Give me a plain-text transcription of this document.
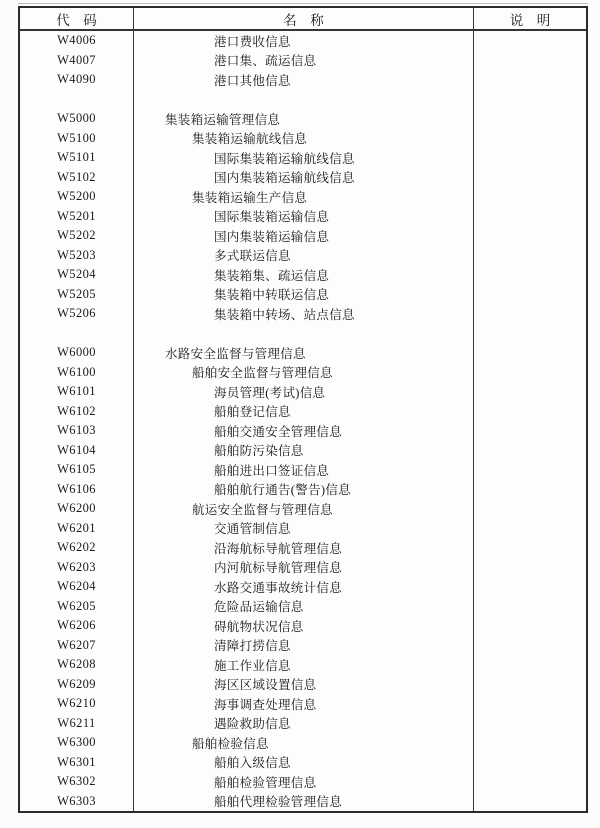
代　码	名　称	说　明
W4006	港口费收信息
W4007	港口集、疏运信息
W4090	港口其他信息
W5000	集装箱运输管理信息
W5100	集装箱运输航线信息
W5101	国际集装箱运输航线信息
W5102	国内集装箱运输航线信息
W5200	集装箱运输生产信息
W5201	国际集装箱运输信息
W5202	国内集装箱运输信息
W5203	多式联运信息
W5204	集装箱集、疏运信息
W5205	集装箱中转联运信息
W5206	集装箱中转场、站点信息
W6000	水路安全监督与管理信息
W6100	船舶安全监督与管理信息
W6101	海员管理(考试)信息
W6102	船舶登记信息
W6103	船舶交通安全管理信息
W6104	船舶防污染信息
W6105	船舶进出口签证信息
W6106	船舶航行通告(警告)信息
W6200	航运安全监督与管理信息
W6201	交通管制信息
W6202	沿海航标导航管理信息
W6203	内河航标导航管理信息
W6204	水路交通事故统计信息
W6205	危险品运输信息
W6206	碍航物状况信息
W6207	清障打捞信息
W6208	施工作业信息
W6209	海区区域设置信息
W6210	海事调查处理信息
W6211	遇险救助信息
W6300	船舶检验信息
W6301	船舶入级信息
W6302	船舶检验管理信息
W6303	船舶代理检验管理信息
